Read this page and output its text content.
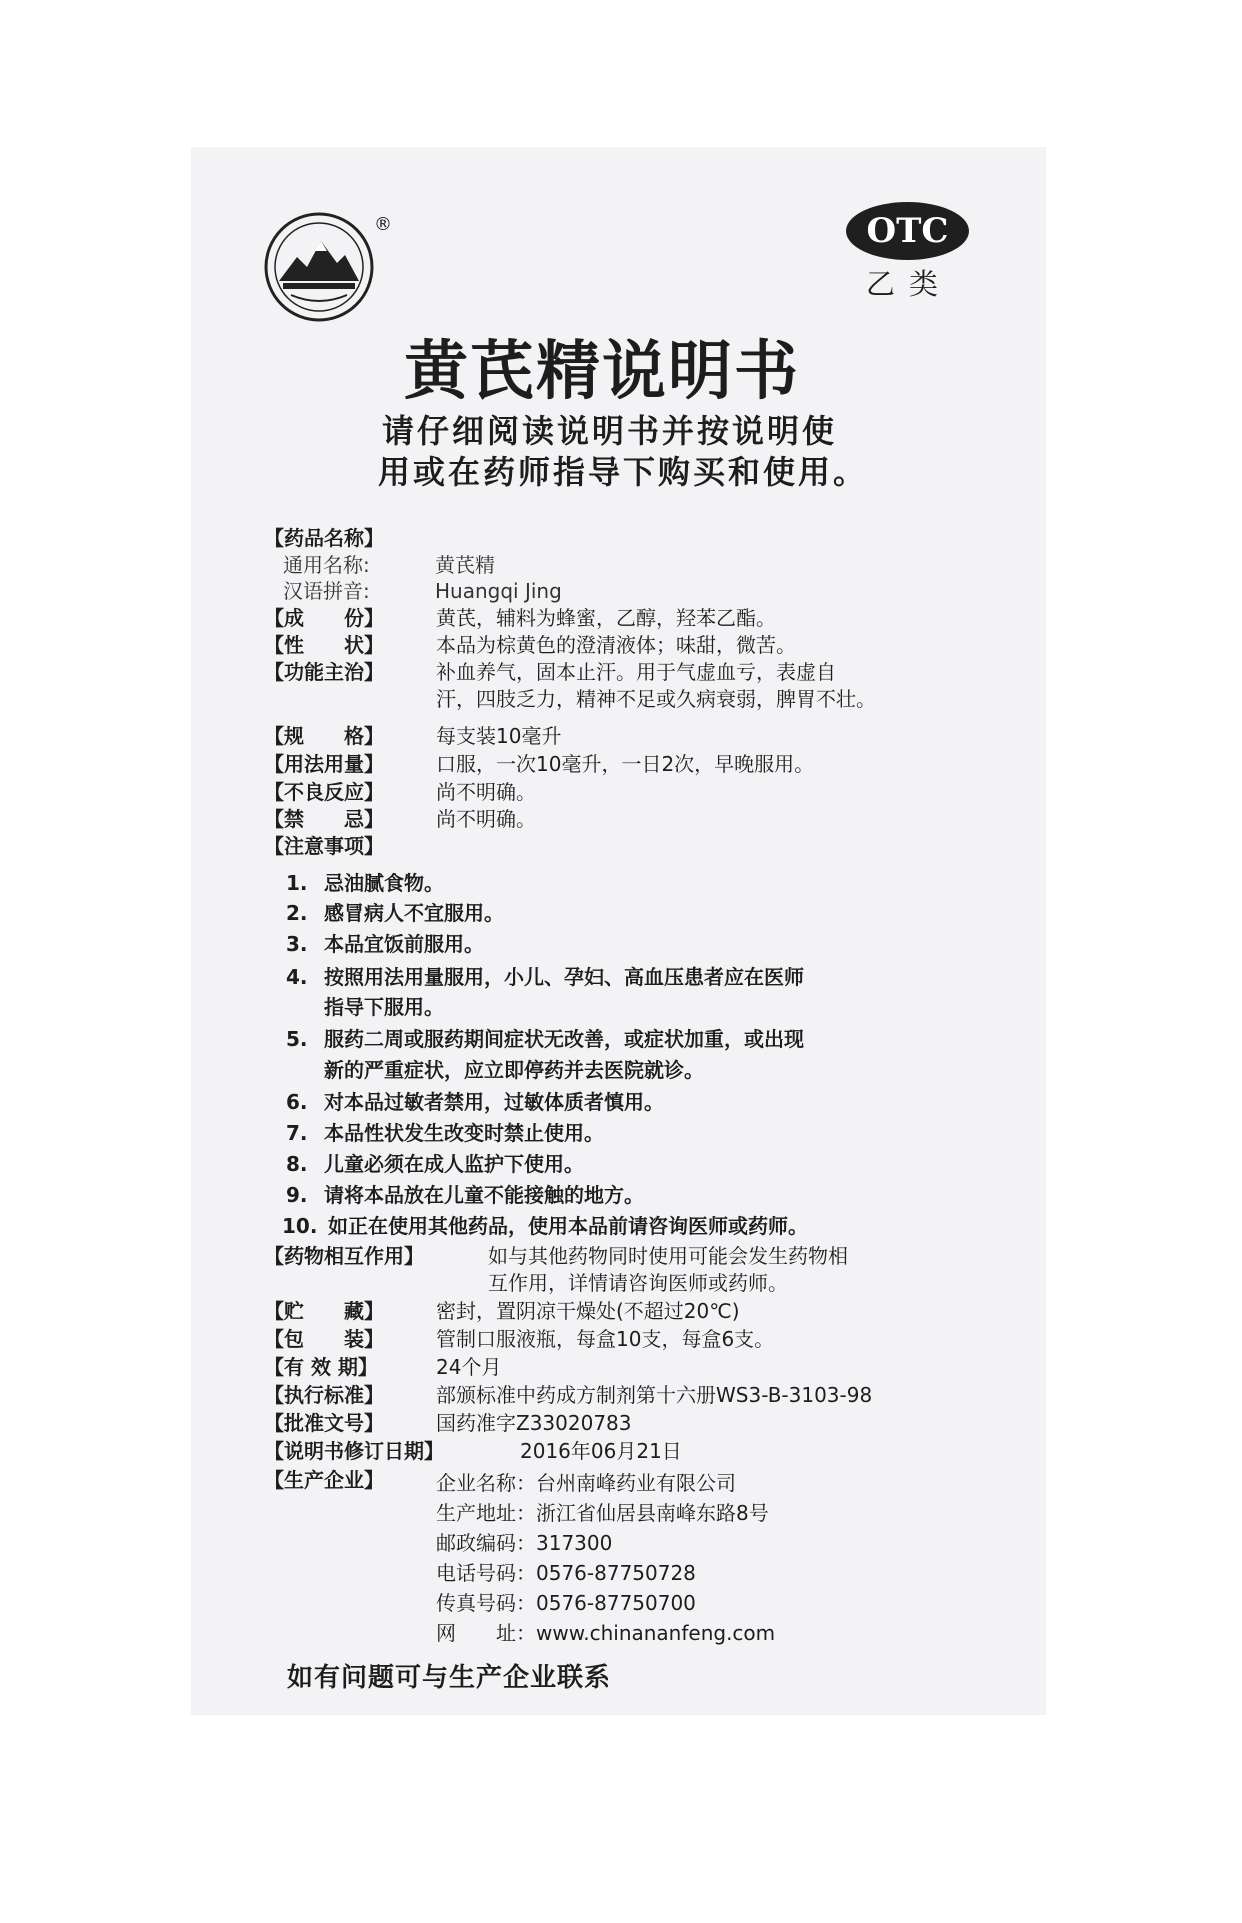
®	OTC
乙类
黄芪精说明书
请仔细阅读说明书并按说明使
用或在药师指导下购买和使用。
【药品名称】
通用名称:	黄芪精
汉语拼音:	Huangqi Jing
【成　　份】	黄芪，辅料为蜂蜜，乙醇，羟苯乙酯。
【性　　状】	本品为棕黄色的澄清液体；味甜，微苦。
【功能主治】	补血养气，固本止汗。用于气虚血亏，表虚自
汗，四肢乏力，精神不足或久病衰弱，脾胃不壮。
【规　　格】	每支装10毫升
【用法用量】	口服，一次10毫升，一日2次，早晚服用。
【不良反应】	尚不明确。
【禁　　忌】	尚不明确。
【注意事项】
1. 忌油腻食物。
2. 感冒病人不宜服用。
3. 本品宜饭前服用。
4. 按照用法用量服用，小儿、孕妇、高血压患者应在医师
指导下服用。
5. 服药二周或服药期间症状无改善，或症状加重，或出现
新的严重症状，应立即停药并去医院就诊。
6. 对本品过敏者禁用，过敏体质者慎用。
7. 本品性状发生改变时禁止使用。
8. 儿童必须在成人监护下使用。
9. 请将本品放在儿童不能接触的地方。
10. 如正在使用其他药品，使用本品前请咨询医师或药师。
【药物相互作用】	如与其他药物同时使用可能会发生药物相
互作用，详情请咨询医师或药师。
【贮　　藏】	密封，置阴凉干燥处(不超过20℃)
【包　　装】	管制口服液瓶，每盒10支，每盒6支。
【有 效 期】	24个月
【执行标准】	部颁标准中药成方制剂第十六册WS3-B-3103-98
【批准文号】	国药准字Z33020783
【说明书修订日期】	2016年06月21日
【生产企业】	企业名称：台州南峰药业有限公司
生产地址：浙江省仙居县南峰东路8号
邮政编码：317300
电话号码：0576-87750728
传真号码：0576-87750700
网　　址：www.chinananfeng.com
如有问题可与生产企业联系
